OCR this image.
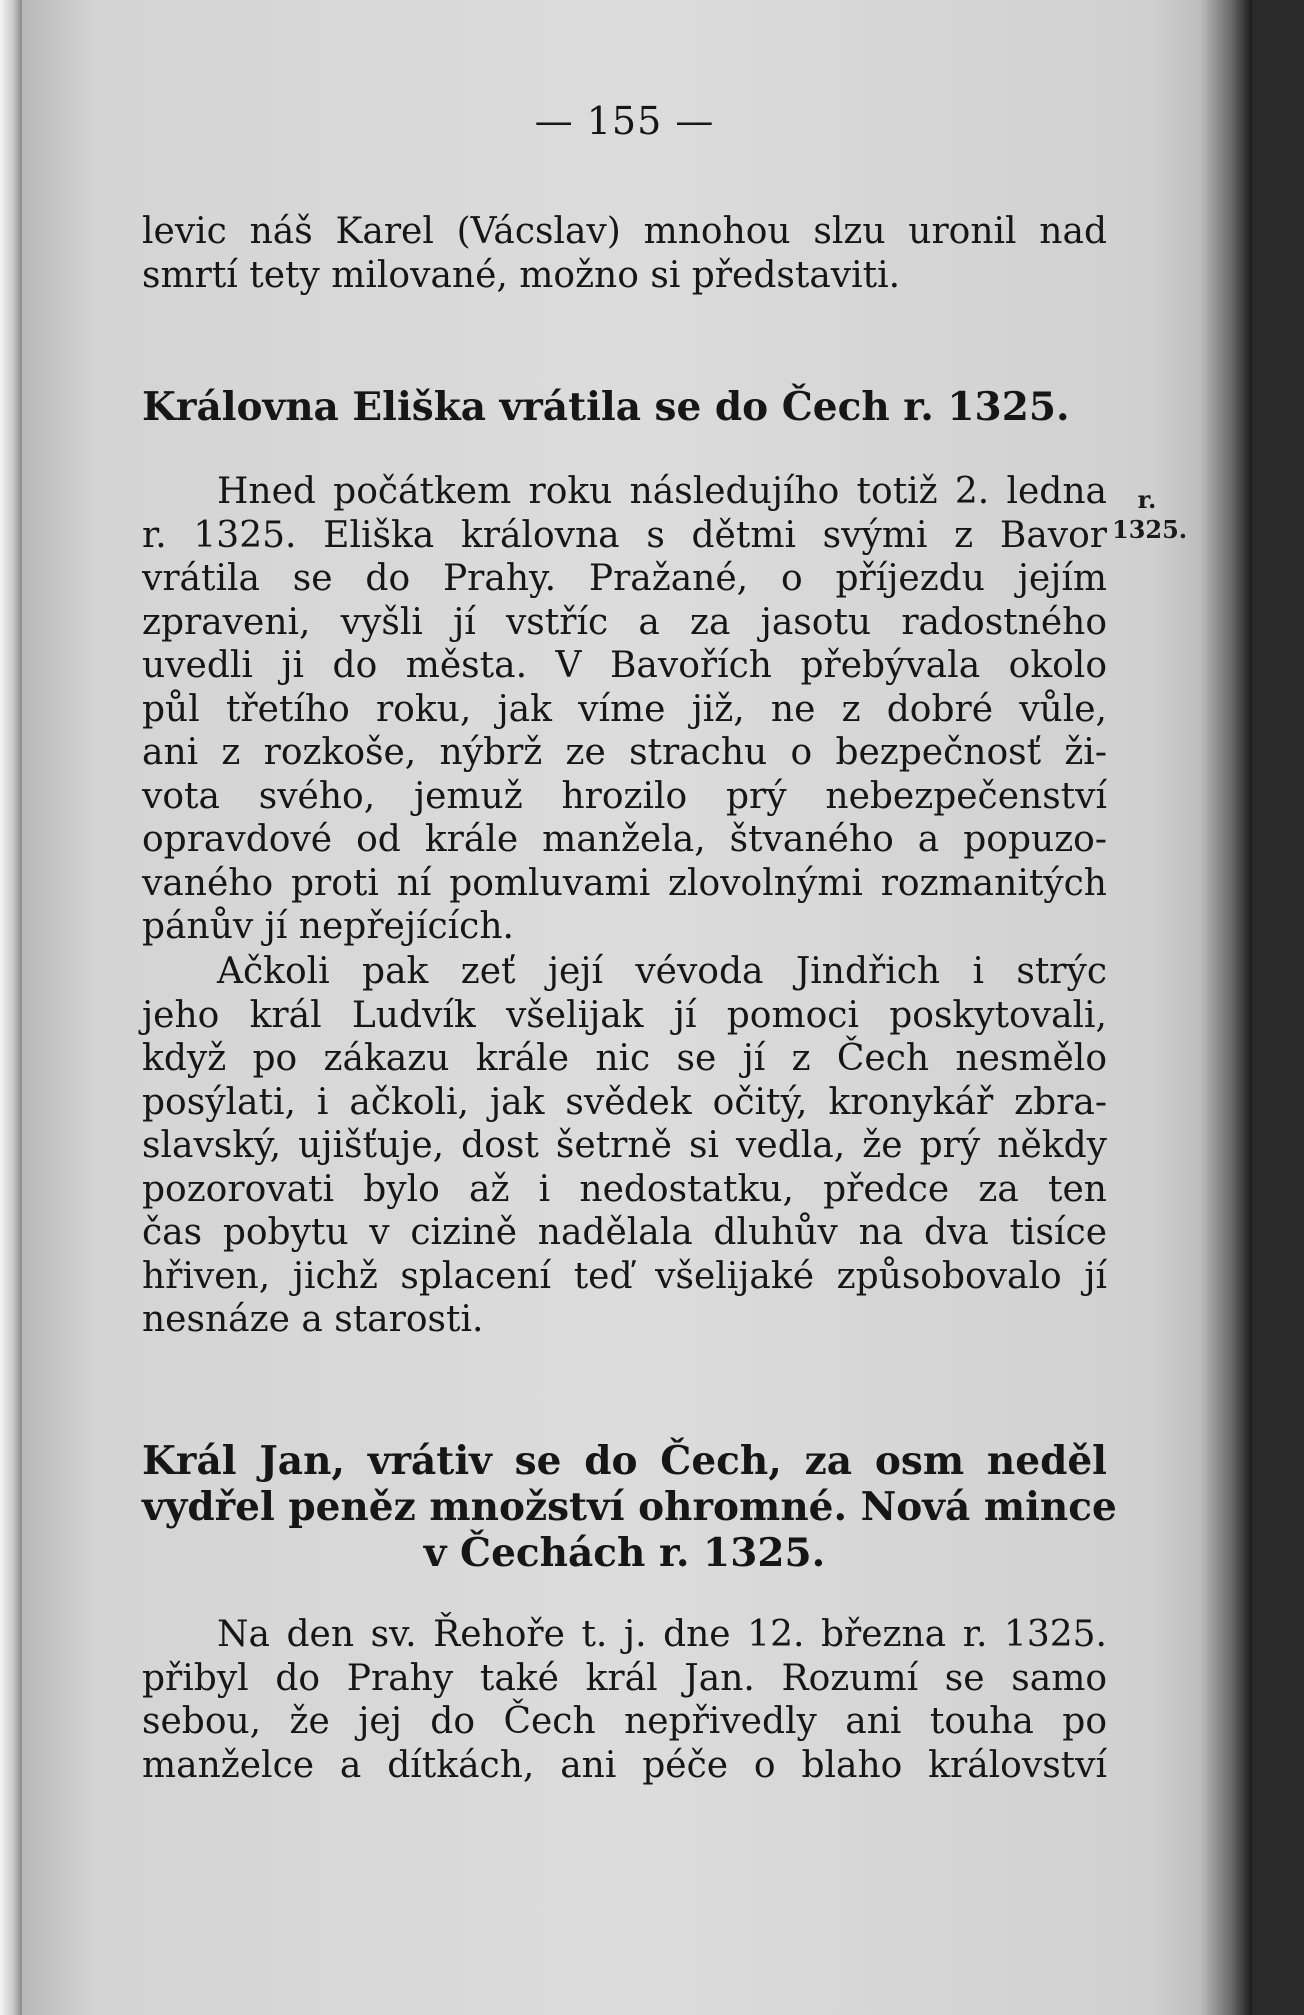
— 155 —
levic náš Karel (Vácslav) mnohou slzu uronil nad
smrtí tety milované, možno si představiti.
Královna Eliška vrátila se do Čech r. 1325.
Hned počátkem roku následujího totiž 2. ledna
r. 1325. Eliška královna s dětmi svými z Bavor
vrátila se do Prahy. Pražané, o příjezdu jejím
zpraveni, vyšli jí vstříc a za jasotu radostného
uvedli ji do města. V Bavořích přebývala okolo
půl třetího roku, jak víme již, ne z dobré vůle,
ani z rozkoše, nýbrž ze strachu o bezpečnosť ži-
vota svého, jemuž hrozilo prý nebezpečenství
opravdové od krále manžela, štvaného a popuzo-
vaného proti ní pomluvami zlovolnými rozmanitých
pánův jí nepřejících.
Ačkoli pak zeť její vévoda Jindřich i strýc
jeho král Ludvík všelijak jí pomoci poskytovali,
když po zákazu krále nic se jí z Čech nesmělo
posýlati, i ačkoli, jak svědek očitý, kronykář zbra-
slavský, ujišťuje, dost šetrně si vedla, že prý někdy
pozorovati bylo až i nedostatku, předce za ten
čas pobytu v cizině nadělala dluhův na dva tisíce
hřiven, jichž splacení teď všelijaké způsobovalo jí
nesnáze a starosti.
Král Jan, vrátiv se do Čech, za osm neděl
vydřel peněz množství ohromné. Nová mince
v Čechách r. 1325.
Na den sv. Řehoře t. j. dne 12. března r. 1325.
přibyl do Prahy také král Jan. Rozumí se samo
sebou, že jej do Čech nepřivedly ani touha po
manželce a dítkách, ani péče o blaho království
r.
1325.
